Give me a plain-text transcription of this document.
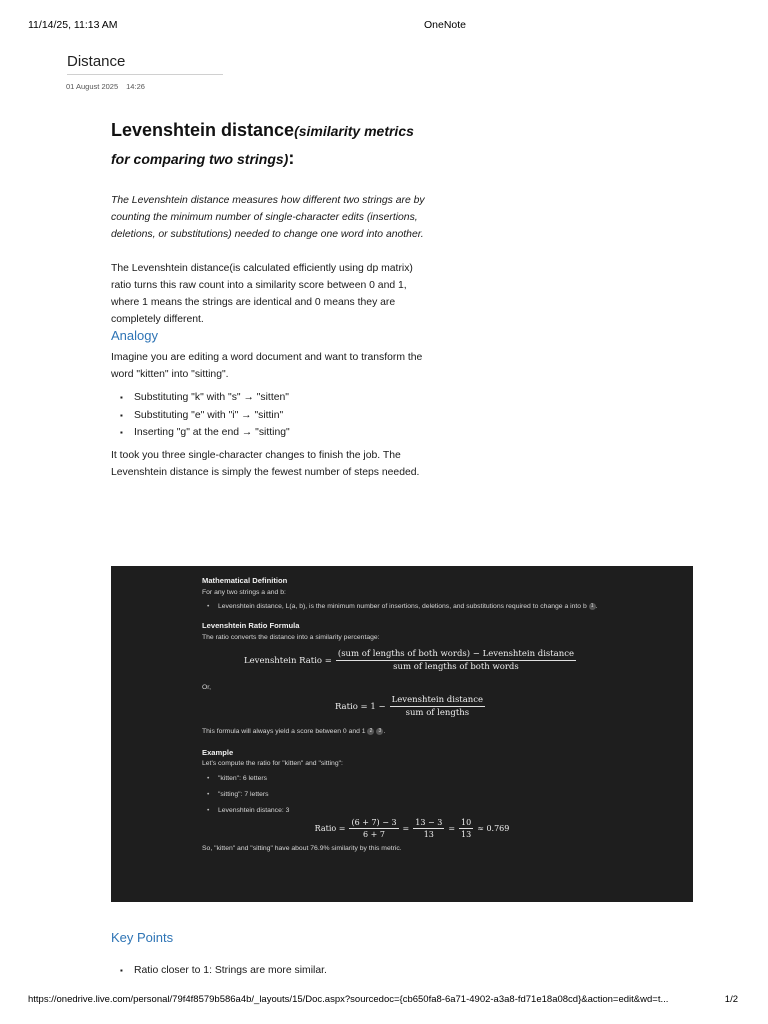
11/14/25, 11:13 AM	OneNote
Distance
01 August 2025 14:26
Levenshtein distance(similarity metrics for comparing two strings):

The Levenshtein distance measures how different two strings are by counting the minimum number of single-character edits (insertions, deletions, or substitutions) needed to change one word into another.

The Levenshtein distance(is calculated efficiently using dp matrix) ratio turns this raw count into a similarity score between 0 and 1, where 1 means the strings are identical and 0 means they are completely different.

Analogy

Imagine you are editing a word document and want to transform the word "kitten" into "sitting".

▪ Substituting "k" with "s" → "sitten"
▪ Substituting "e" with "i" → "sittin"
▪ Inserting "g" at the end → "sitting"

It took you three single-character changes to finish the job. The Levenshtein distance is simply the fewest number of steps needed.

Mathematical Definition
For any two strings a and b:
• Levenshtein distance, L(a, b), is the minimum number of insertions, deletions, and substitutions required to change a into b 1 .
Levenshtein Ratio Formula
The ratio converts the distance into a similarity percentage:
Levenshtein Ratio = $\frac{\text{(sum of lengths of both words) − Levenshtein distance}}{\text{sum of lengths of both words}}$
Or,
Ratio = $1 - \frac{\text{Levenshtein distance}}{\text{sum of lengths}}$
This formula will always yield a score between 0 and 1 2 3 .
Example
Let's compute the ratio for "kitten" and "sitting":
• "kitten": 6 letters
• "sitting": 7 letters
• Levenshtein distance: 3
Ratio = $\frac{(6 + 7) - 3}{6 + 7} = \frac{13 - 3}{13} = \frac{10}{13} \approx 0.769$
So, "kitten" and "sitting" have about 76.9% similarity by this metric.
Key Points
▪ Ratio closer to 1: Strings are more similar.
https://onedrive.live.com/personal/79f4f8579b586a4b/_layouts/15/Doc.aspx?sourcedoc={cb650fa8-6a71-4902-a3a8-fd71e18a08cd}&action=edit&wd=t...	1/2
